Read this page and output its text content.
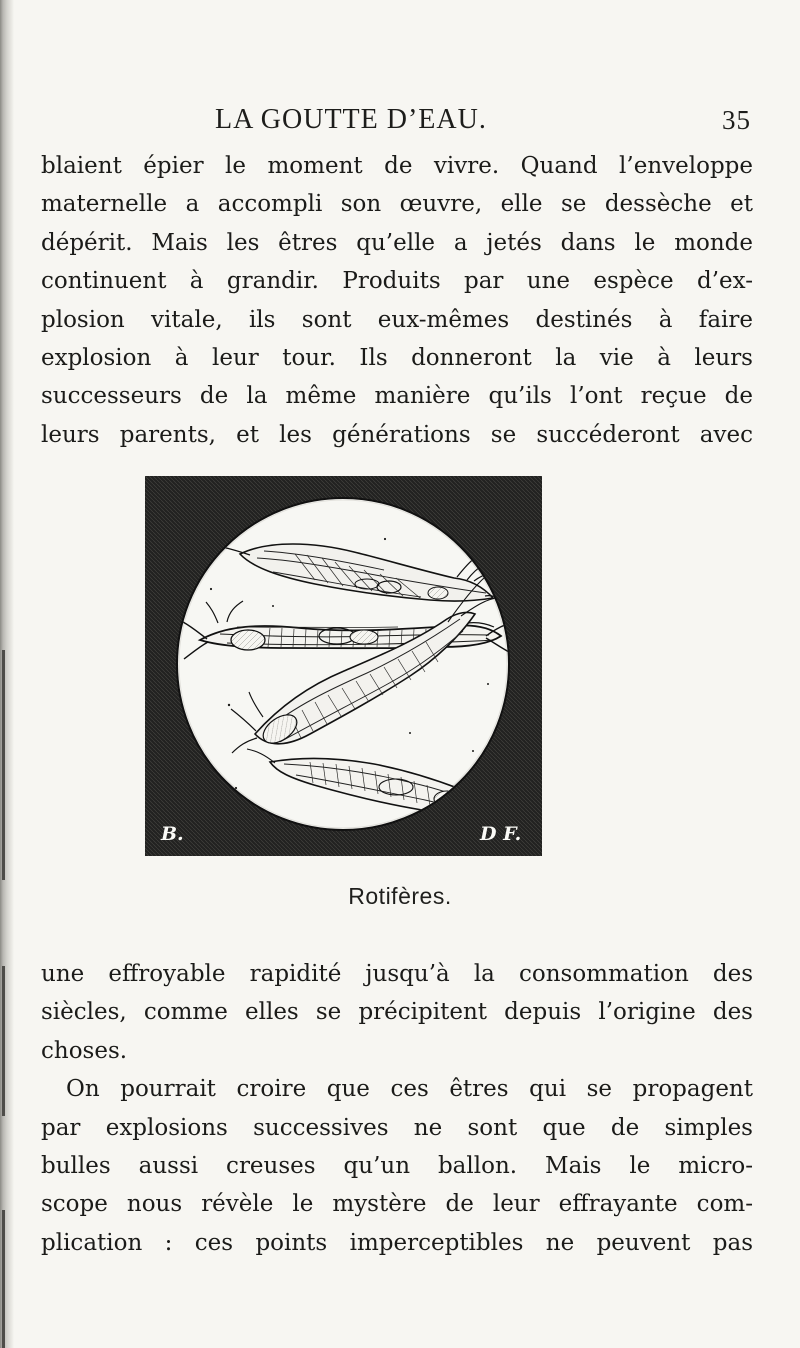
LA GOUTTE D’EAU.	35
blaient épier le moment de vivre. Quand l’enveloppe
maternelle a accompli son œuvre, elle se dessèche et
dépérit. Mais les êtres qu’elle a jetés dans le monde
continuent à grandir. Produits par une espèce d’ex-
plosion vitale, ils sont eux-mêmes destinés à faire
explosion à leur tour. Ils donneront la vie à leurs
successeurs de la même manière qu’ils l’ont reçue de
leurs parents, et les générations se succéderont avec
B.	D F.
Rotifères.
une effroyable rapidité jusqu’à la consommation des
siècles, comme elles se précipitent depuis l’origine des
choses.
On pourrait croire que ces êtres qui se propagent
par explosions successives ne sont que de simples
bulles aussi creuses qu’un ballon. Mais le micro-
scope nous révèle le mystère de leur effrayante com-
plication : ces points imperceptibles ne peuvent pas
